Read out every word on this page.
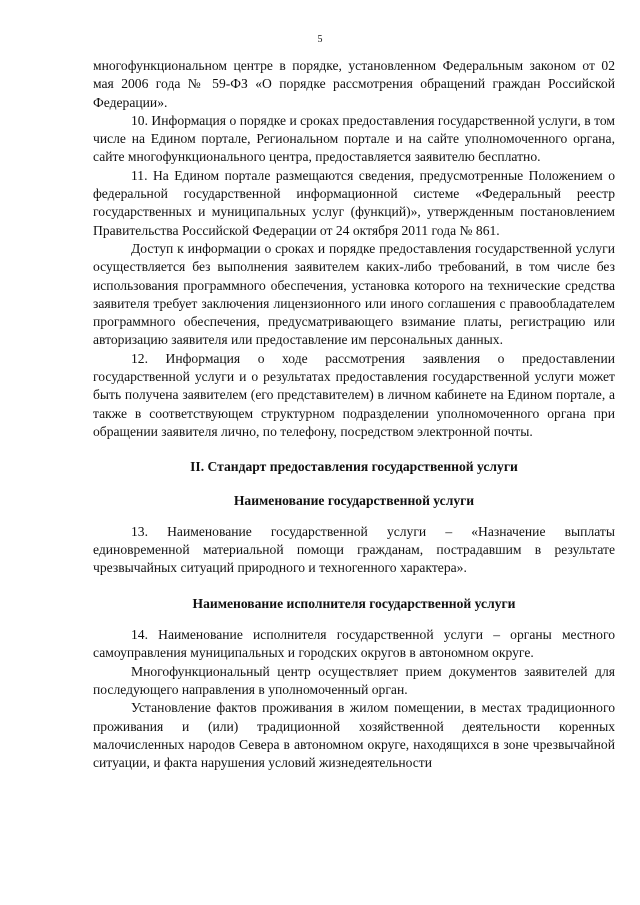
5

многофункциональном центре в порядке, установленном Федеральным законом от 02 мая 2006 года № 59-ФЗ «О порядке рассмотрения обращений граждан Российской Федерации».

10. Информация о порядке и сроках предоставления государственной услуги, в том числе на Едином портале, Региональном портале и на сайте уполномоченного органа, сайте многофункционального центра, предоставляется заявителю бесплатно.

11. На Едином портале размещаются сведения, предусмотренные Положением о федеральной государственной информационной системе «Федеральный реестр государственных и муниципальных услуг (функций)», утвержденным постановлением Правительства Российской Федерации от 24 октября 2011 года № 861.

Доступ к информации о сроках и порядке предоставления государственной услуги осуществляется без выполнения заявителем каких-либо требований, в том числе без использования программного обеспечения, установка которого на технические средства заявителя требует заключения лицензионного или иного соглашения с правообладателем программного обеспечения, предусматривающего взимание платы, регистрацию или авторизацию заявителя или предоставление им персональных данных.

12. Информация о ходе рассмотрения заявления о предоставлении государственной услуги и о результатах предоставления государственной услуги может быть получена заявителем (его представителем) в личном кабинете на Едином портале, а также в соответствующем структурном подразделении уполномоченного органа при обращении заявителя лично, по телефону, посредством электронной почты.

II. Стандарт предоставления государственной услуги
Наименование государственной услуги

13. Наименование государственной услуги – «Назначение выплаты единовременной материальной помощи гражданам, пострадавшим в результате чрезвычайных ситуаций природного и техногенного характера».

Наименование исполнителя государственной услуги

14. Наименование исполнителя государственной услуги – органы местного самоуправления муниципальных и городских округов в автономном округе.

Многофункциональный центр осуществляет прием документов заявителей для последующего направления в уполномоченный орган.

Установление фактов проживания в жилом помещении, в местах традиционного проживания и (или) традиционной хозяйственной деятельности коренных малочисленных народов Севера в автономном округе, находящихся в зоне чрезвычайной ситуации, и факта нарушения условий жизнедеятельности
